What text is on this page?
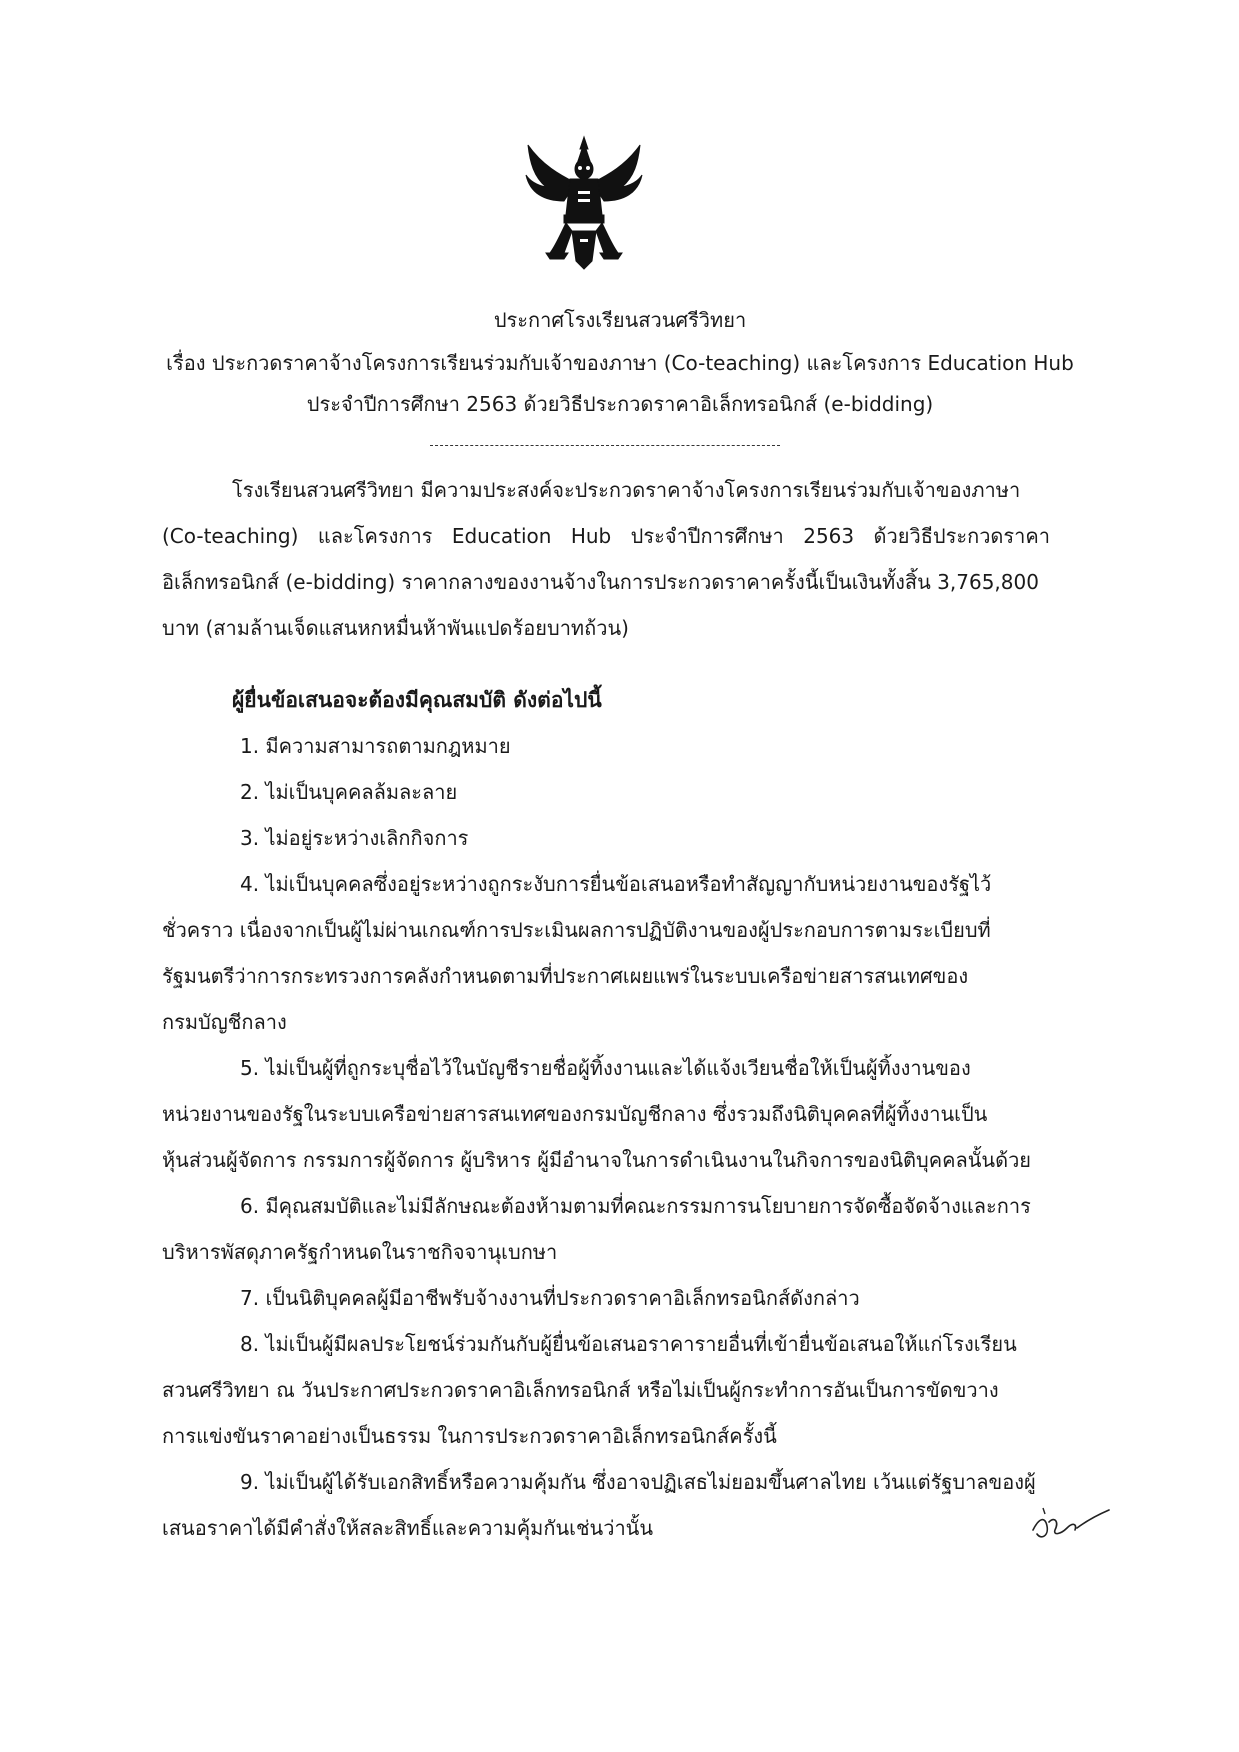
ประกาศโรงเรียนสวนศรีวิทยา
เรื่อง ประกวดราคาจ้างโครงการเรียนร่วมกับเจ้าของภาษา (Co-teaching) และโครงการ Education Hub
ประจำปีการศึกษา 2563 ด้วยวิธีประกวดราคาอิเล็กทรอนิกส์ (e-bidding)
โรงเรียนสวนศรีวิทยา มีความประสงค์จะประกวดราคาจ้างโครงการเรียนร่วมกับเจ้าของภาษา
(Co-teaching) และโครงการ Education Hub ประจำปีการศึกษา 2563 ด้วยวิธีประกวดราคา
อิเล็กทรอนิกส์ (e-bidding) ราคากลางของงานจ้างในการประกวดราคาครั้งนี้เป็นเงินทั้งสิ้น 3,765,800
บาท (สามล้านเจ็ดแสนหกหมื่นห้าพันแปดร้อยบาทถ้วน)
ผู้ยื่นข้อเสนอจะต้องมีคุณสมบัติ ดังต่อไปนี้
1. มีความสามารถตามกฎหมาย
2. ไม่เป็นบุคคลล้มละลาย
3. ไม่อยู่ระหว่างเลิกกิจการ
4. ไม่เป็นบุคคลซึ่งอยู่ระหว่างถูกระงับการยื่นข้อเสนอหรือทำสัญญากับหน่วยงานของรัฐไว้
ชั่วคราว เนื่องจากเป็นผู้ไม่ผ่านเกณฑ์การประเมินผลการปฏิบัติงานของผู้ประกอบการตามระเบียบที่
รัฐมนตรีว่าการกระทรวงการคลังกำหนดตามที่ประกาศเผยแพร่ในระบบเครือข่ายสารสนเทศของ
กรมบัญชีกลาง
5. ไม่เป็นผู้ที่ถูกระบุชื่อไว้ในบัญชีรายชื่อผู้ทิ้งงานและได้แจ้งเวียนชื่อให้เป็นผู้ทิ้งงานของ
หน่วยงานของรัฐในระบบเครือข่ายสารสนเทศของกรมบัญชีกลาง ซึ่งรวมถึงนิติบุคคลที่ผู้ทิ้งงานเป็น
หุ้นส่วนผู้จัดการ กรรมการผู้จัดการ ผู้บริหาร ผู้มีอำนาจในการดำเนินงานในกิจการของนิติบุคคลนั้นด้วย
6. มีคุณสมบัติและไม่มีลักษณะต้องห้ามตามที่คณะกรรมการนโยบายการจัดซื้อจัดจ้างและการ
บริหารพัสดุภาครัฐกำหนดในราชกิจจานุเบกษา
7. เป็นนิติบุคคลผู้มีอาชีพรับจ้างงานที่ประกวดราคาอิเล็กทรอนิกส์ดังกล่าว
8. ไม่เป็นผู้มีผลประโยชน์ร่วมกันกับผู้ยื่นข้อเสนอราคารายอื่นที่เข้ายื่นข้อเสนอให้แก่โรงเรียน
สวนศรีวิทยา ณ วันประกาศประกวดราคาอิเล็กทรอนิกส์ หรือไม่เป็นผู้กระทำการอันเป็นการขัดขวาง
การแข่งขันราคาอย่างเป็นธรรม ในการประกวดราคาอิเล็กทรอนิกส์ครั้งนี้
9. ไม่เป็นผู้ได้รับเอกสิทธิ์หรือความคุ้มกัน ซึ่งอาจปฏิเสธไม่ยอมขึ้นศาลไทย เว้นแต่รัฐบาลของผู้
เสนอราคาได้มีคำสั่งให้สละสิทธิ์และความคุ้มกันเช่นว่านั้น
